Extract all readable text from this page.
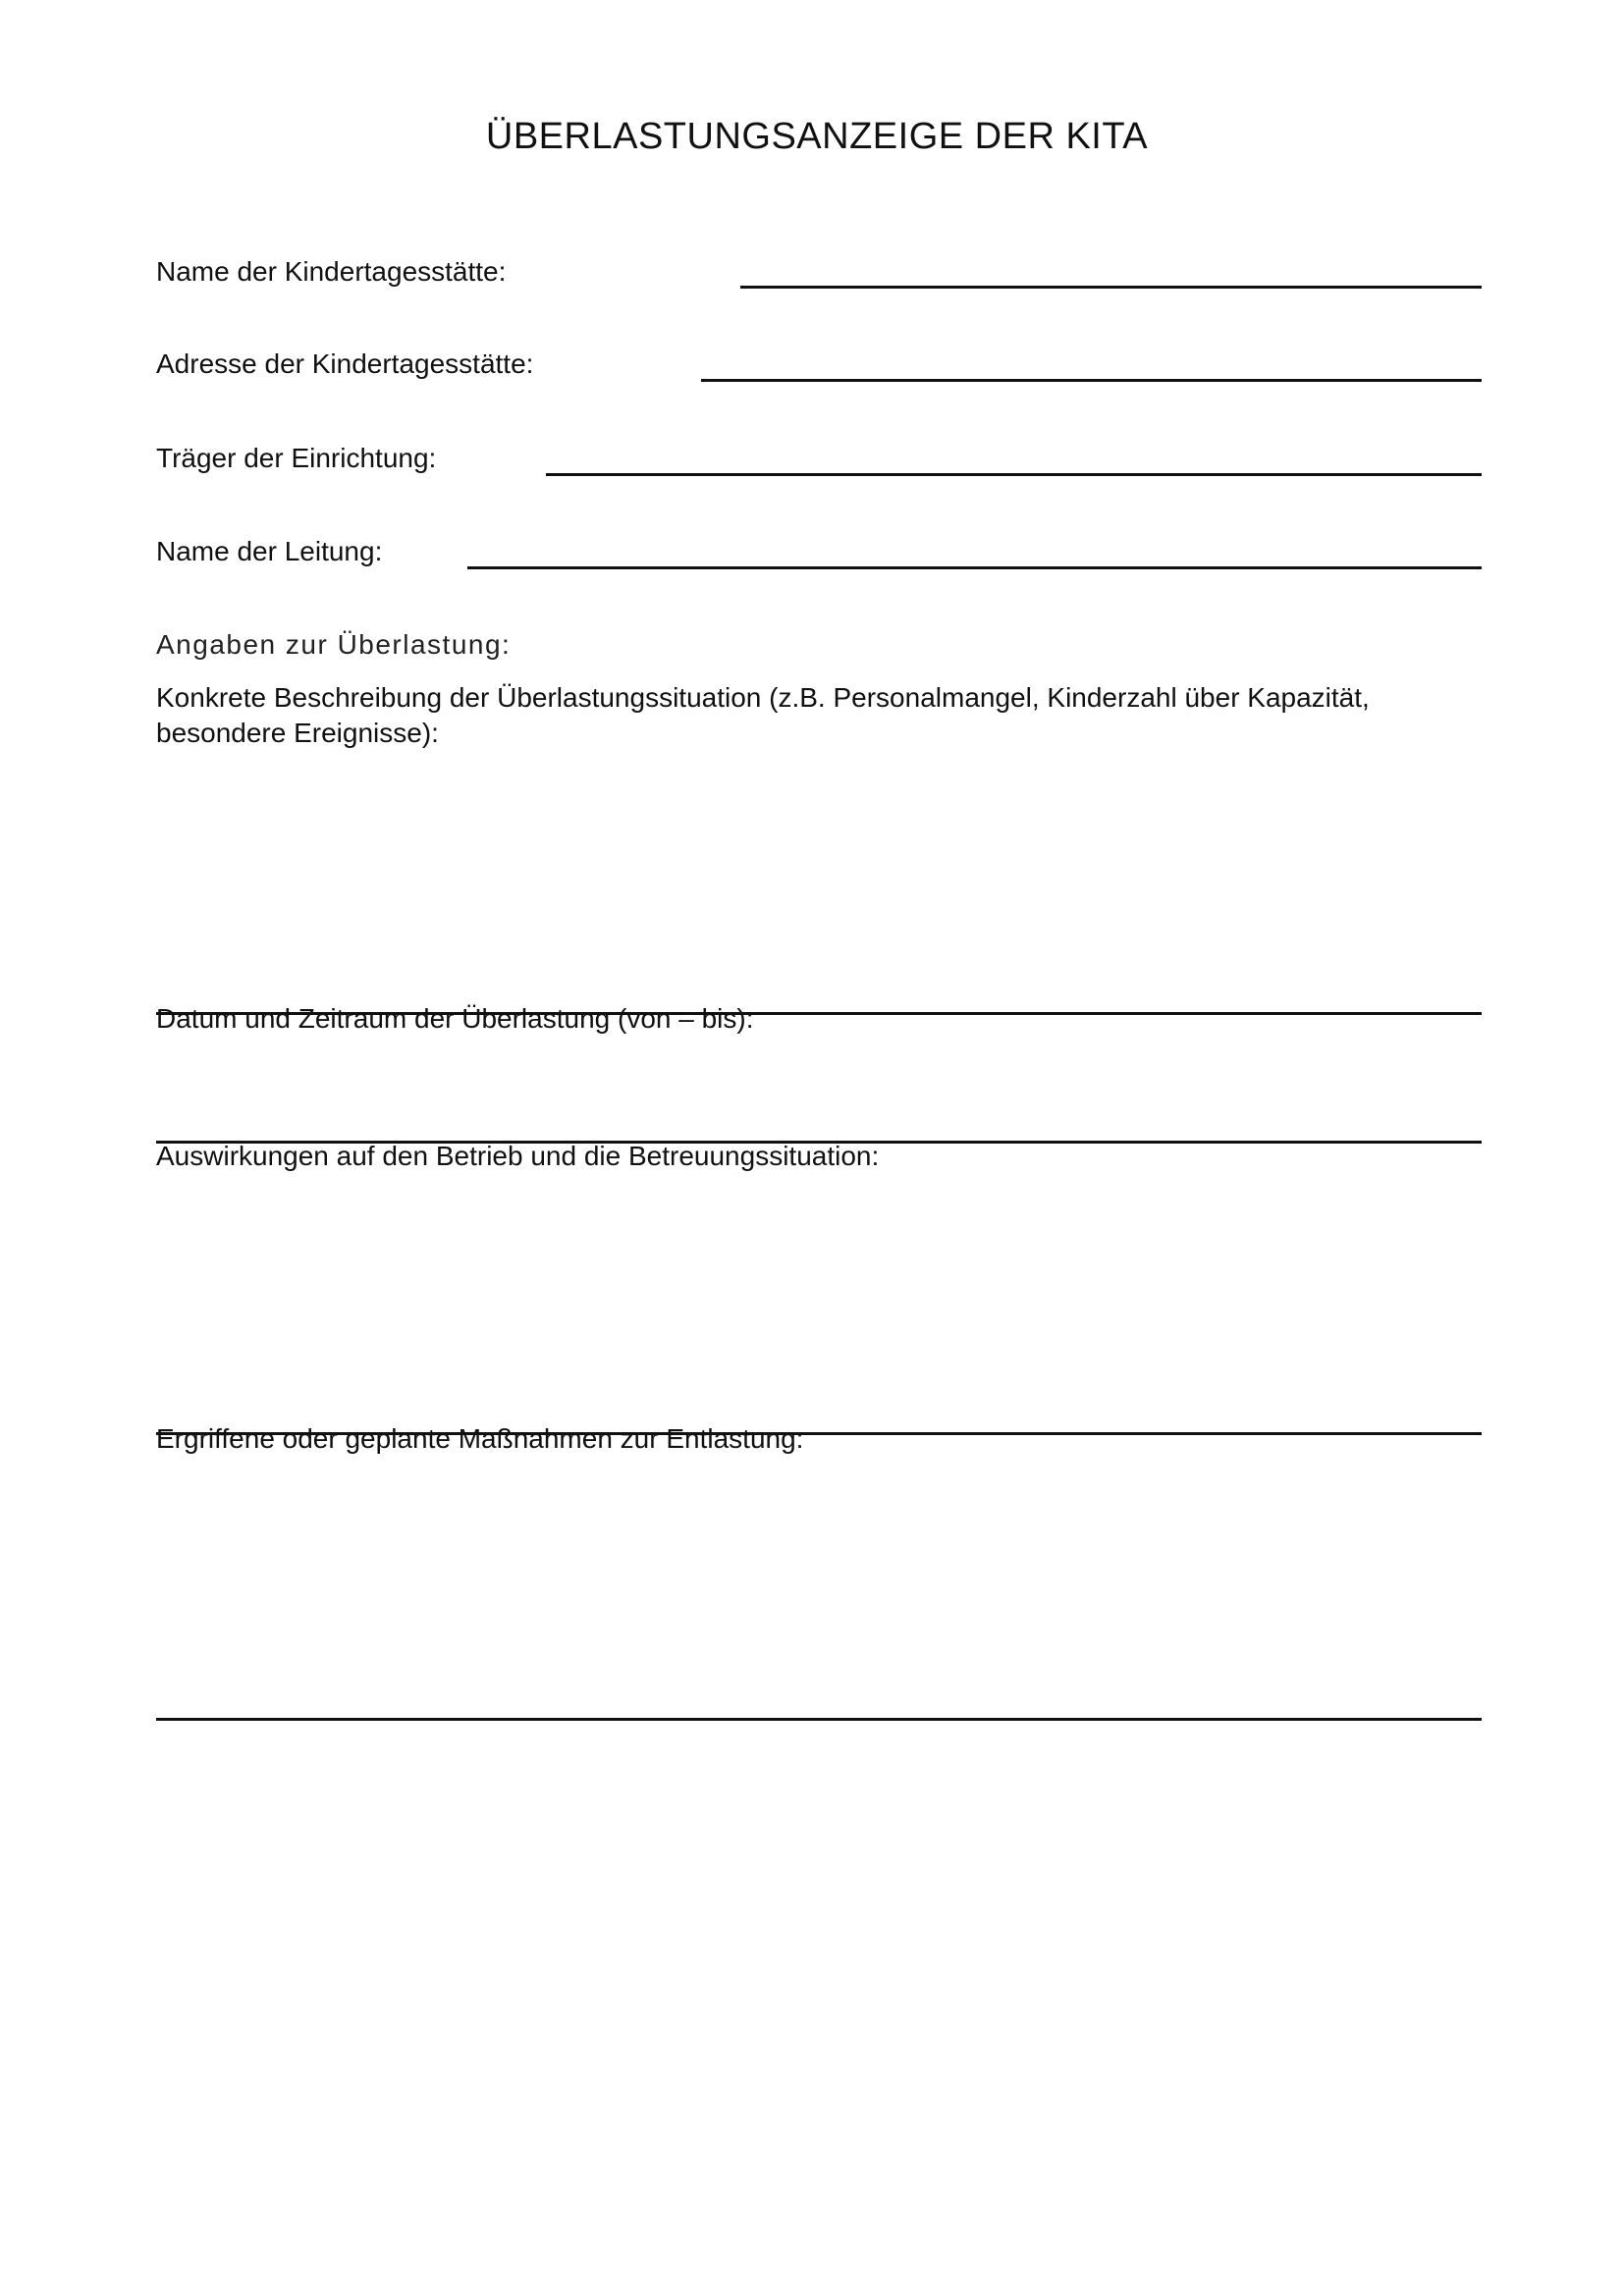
ÜBERLASTUNGSANZEIGE DER KITA
Name der Kindertagesstätte:
Adresse der Kindertagesstätte:
Träger der Einrichtung:
Name der Leitung:
Angaben zur Überlastung:
Konkrete Beschreibung der Überlastungssituation (z.B. Personalmangel, Kinderzahl über Kapazität,
besondere Ereignisse):
Datum und Zeitraum der Überlastung (von – bis):
Auswirkungen auf den Betrieb und die Betreuungssituation:
Ergriffene oder geplante Maßnahmen zur Entlastung:
